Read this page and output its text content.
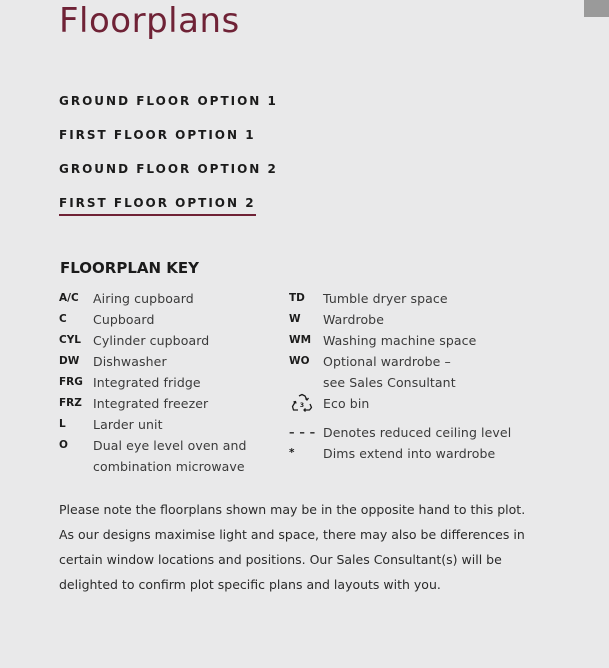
Floorplans
GROUND FLOOR OPTION 1
FIRST FLOOR OPTION 1
GROUND FLOOR OPTION 2
FIRST FLOOR OPTION 2
FLOORPLAN KEY
A/C	Airing cupboard
C	Cupboard
CYL Cylinder cupboard
DW	Dishwasher
FRG Integrated fridge
FRZ Integrated freezer
L	Larder unit
O	Dual eye level oven and
combination microwave
TD	Tumble dryer space
W	Wardrobe
WM Washing machine space
WO	Optional wardrobe –
see Sales Consultant
3 Eco bin
– – – Denotes reduced ceiling level
*	Dims extend into wardrobe

Please note the floorplans shown may be in the opposite hand to this plot. As our designs maximise light and space, there may also be differences in certain window locations and positions. Our Sales Consultant(s) will be delighted to confirm plot specific plans and layouts with you.
